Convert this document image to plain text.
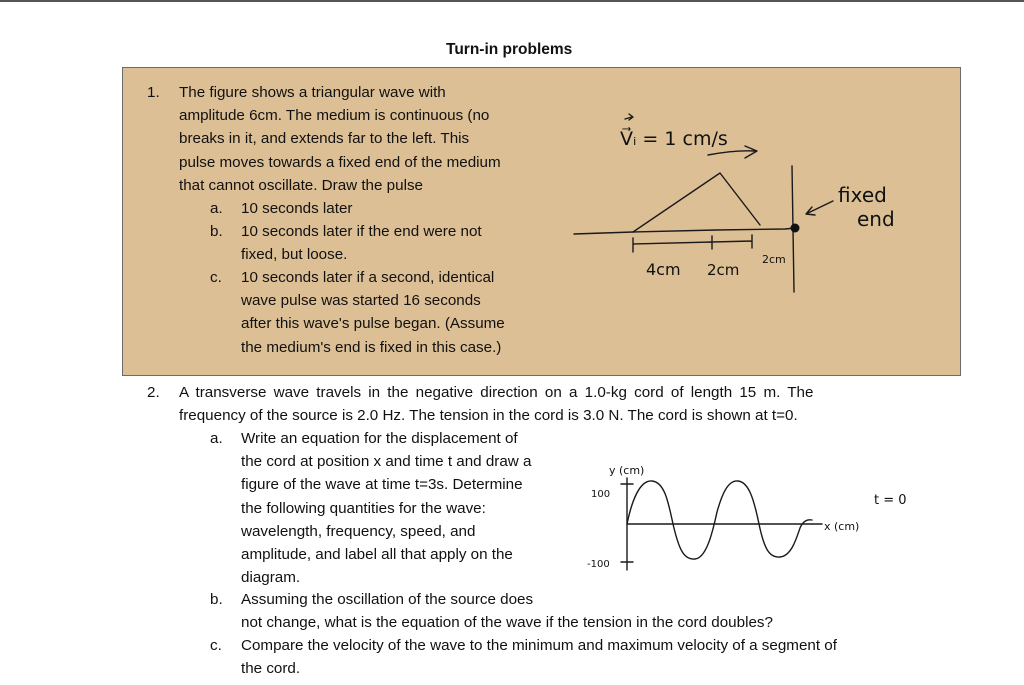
Turn-in problems
1. The figure shows a triangular wave with
amplitude 6cm. The medium is continuous (no
breaks in it, and extends far to the left. This
pulse moves towards a fixed end of the medium
that cannot oscillate. Draw the pulse
a. 10 seconds later
b. 10 seconds later if the end were not
fixed, but loose.
c. 10 seconds later if a second, identical
wave pulse was started 16 seconds
after this wave's pulse began. (Assume
the medium's end is fixed in this case.)
V⃗ᵢ = 1 cm/s
fixed
end
4cm 2cm
2cm
2. A transverse wave travels in the negative direction on a 1.0-kg cord of length 15 m. The
frequency of the source is 2.0 Hz. The tension in the cord is 3.0 N. The cord is shown at t=0.
a. Write an equation for the displacement of
the cord at position x and time t and draw a
figure of the wave at time t=3s. Determine
the following quantities for the wave:
wavelength, frequency, speed, and
amplitude, and label all that apply on the
diagram.
b. Assuming the oscillation of the source does
not change, what is the equation of the wave if the tension in the cord doubles?
c. Compare the velocity of the wave to the minimum and maximum velocity of a segment of
the cord.
y (cm)
100
-100
x (cm)
t = 0
